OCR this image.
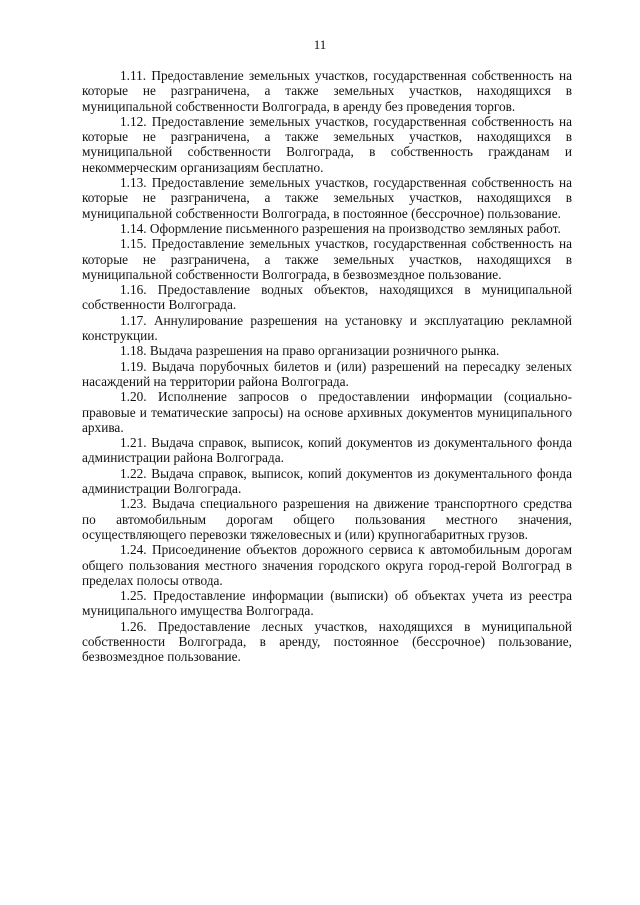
11

1.11. Предоставление земельных участков, государственная собственность на которые не разграничена, а также земельных участков, находящихся в муниципальной собственности Волгограда, в аренду без проведения торгов.

1.12. Предоставление земельных участков, государственная собственность на которые не разграничена, а также земельных участков, находящихся в муниципальной собственности Волгограда, в собственность гражданам и некоммерческим организациям бесплатно.

1.13. Предоставление земельных участков, государственная собственность на которые не разграничена, а также земельных участков, находящихся в муниципальной собственности Волгограда, в постоянное (бессрочное) пользование.

1.14. Оформление письменного разрешения на производство земляных работ.

1.15. Предоставление земельных участков, государственная собственность на которые не разграничена, а также земельных участков, находящихся в муниципальной собственности Волгограда, в безвозмездное пользование.

1.16. Предоставление водных объектов, находящихся в муниципальной собственности Волгограда.

1.17. Аннулирование разрешения на установку и эксплуатацию рекламной конструкции.

1.18. Выдача разрешения на право организации розничного рынка.

1.19. Выдача порубочных билетов и (или) разрешений на пересадку зеленых насаждений на территории района Волгограда.

1.20. Исполнение запросов о предоставлении информации (социально-правовые и тематические запросы) на основе архивных документов муниципального архива.

1.21. Выдача справок, выписок, копий документов из документального фонда администрации района Волгограда.

1.22. Выдача справок, выписок, копий документов из документального фонда администрации Волгограда.

1.23. Выдача специального разрешения на движение транспортного средства по автомобильным дорогам общего пользования местного значения, осуществляющего перевозки тяжеловесных и (или) крупногабаритных грузов.

1.24. Присоединение объектов дорожного сервиса к автомобильным дорогам общего пользования местного значения городского округа город-герой Волгоград в пределах полосы отвода.

1.25. Предоставление информации (выписки) об объектах учета из реестра муниципального имущества Волгограда.

1.26. Предоставление лесных участков, находящихся в муниципальной собственности Волгограда, в аренду, постоянное (бессрочное) пользование, безвозмездное пользование.
